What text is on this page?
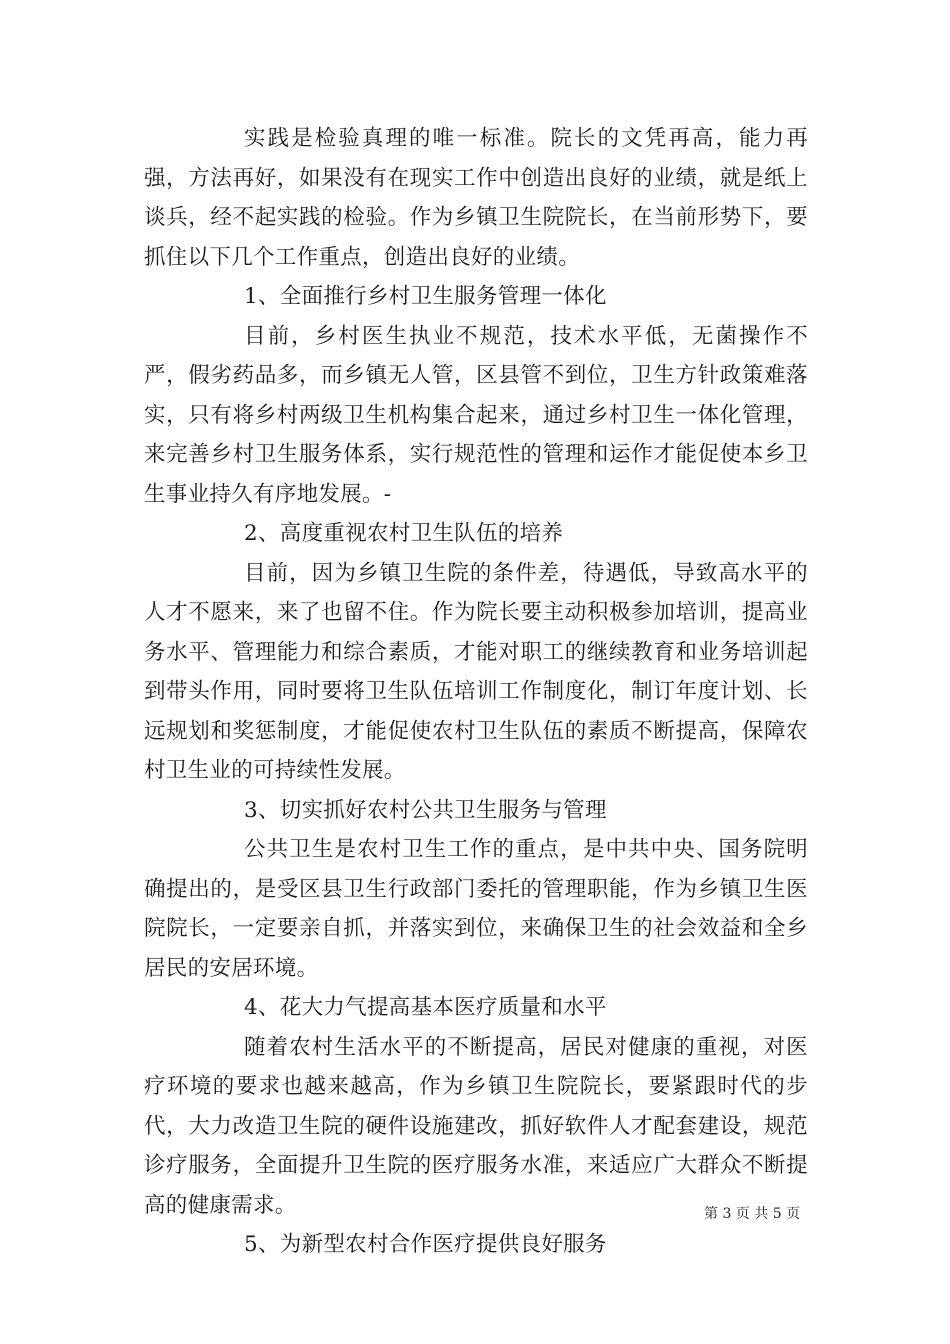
实践是检验真理的唯一标准。院长的文凭再高，能力再强，方法再好，如果没有在现实工作中创造出良好的业绩，就是纸上谈兵，经不起实践的检验。作为乡镇卫生院院长，在当前形势下，要抓住以下几个工作重点，创造出良好的业绩。

1、全面推行乡村卫生服务管理一体化

目前，乡村医生执业不规范，技术水平低，无菌操作不严，假劣药品多，而乡镇无人管，区县管不到位，卫生方针政策难落实，只有将乡村两级卫生机构集合起来，通过乡村卫生一体化管理，来完善乡村卫生服务体系，实行规范性的管理和运作才能促使本乡卫生事业持久有序地发展。-

2、高度重视农村卫生队伍的培养

目前，因为乡镇卫生院的条件差，待遇低，导致高水平的人才不愿来，来了也留不住。作为院长要主动积极参加培训，提高业务水平、管理能力和综合素质，才能对职工的继续教育和业务培训起到带头作用，同时要将卫生队伍培训工作制度化，制订年度计划、长远规划和奖惩制度，才能促使农村卫生队伍的素质不断提高，保障农村卫生业的可持续性发展。

3、切实抓好农村公共卫生服务与管理

公共卫生是农村卫生工作的重点，是中共中央、国务院明确提出的，是受区县卫生行政部门委托的管理职能，作为乡镇卫生医院院长，一定要亲自抓，并落实到位，来确保卫生的社会效益和全乡居民的安居环境。

4、花大力气提高基本医疗质量和水平

随着农村生活水平的不断提高，居民对健康的重视，对医疗环境的要求也越来越高，作为乡镇卫生院院长，要紧跟时代的步代，大力改造卫生院的硬件设施建改，抓好软件人才配套建设，规范诊疗服务，全面提升卫生院的医疗服务水准，来适应广大群众不断提高的健康需求。

5、为新型农村合作医疗提供良好服务

第 3 页 共 5 页
